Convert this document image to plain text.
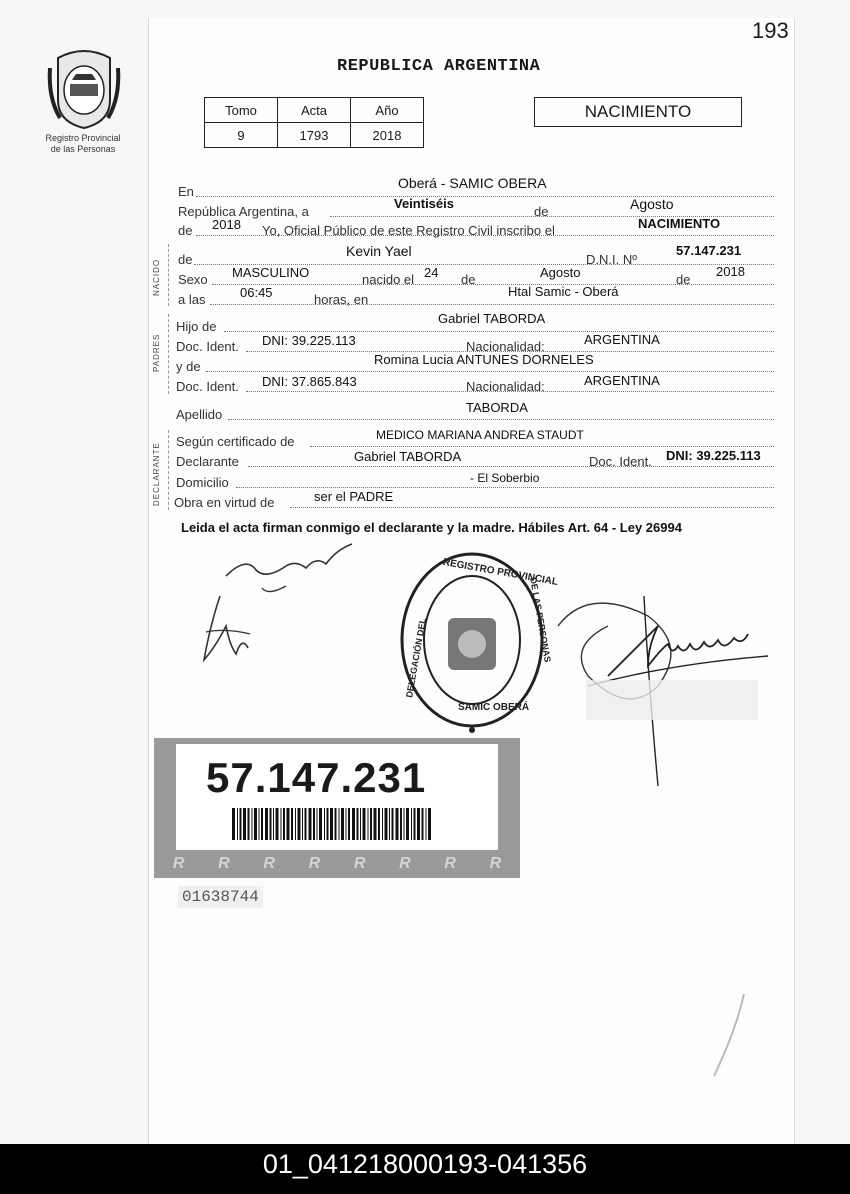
193
Registro Provincial
de las Personas
REPUBLICA ARGENTINA
Tomo	Acta	Año
9	1793	2018
NACIMIENTO
En
Oberá - SAMIC OBERA
República Argentina, a
Veintiséis
de	Agosto
de 2018 Yo, Oficial Público de este Registro Civil inscribo el	NACIMIENTO
NACIDO de
Kevin Yael
D.N.I. Nº
57.147.231
Sexo MASCULINO	nacido el 24 de	Agosto	de
2018
a las	06:45	horas, en
Htal Samic - Oberá
PADRES
Hijo de
Gabriel TABORDA
Doc. Ident. DNI: 39.225.113	Nacionalidad:	ARGENTINA
y de	Romina Lucia ANTUNES DORNELES
Doc. Ident. DNI: 37.865.843	Nacionalidad:	ARGENTINA
Apellido	TABORDA
DECLARANTE
Según certificado de	MEDICO MARIANA ANDREA STAUDT
Declarante	Gabriel TABORDA	Doc. Ident. DNI: 39.225.113
Domicilio	- El Soberbio
Obra en virtud de	ser el PADRE
Leida el acta firman conmigo el declarante y la madre. Hábiles Art. 64 - Ley 26994
REGISTRO PROVINCIAL
SAMIC OBERÁ
DELEGACIÓN DEL	DE LAS PERSONAS
57.147.231
R R R R R R R R
01638744
01_041218000193-041356
